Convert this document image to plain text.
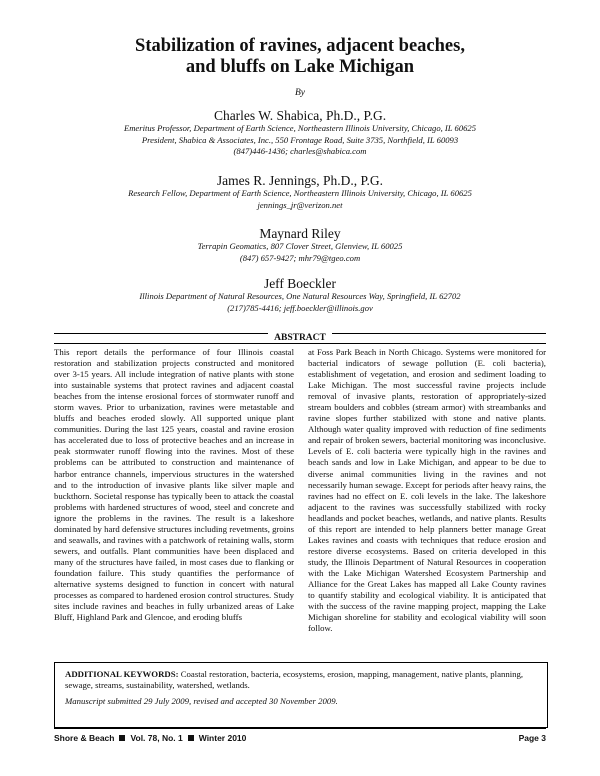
Stabilization of ravines, adjacent beaches,
and bluffs on Lake Michigan
By
Charles W. Shabica, Ph.D., P.G.
Emeritus Professor, Department of Earth Science, Northeastern Illinois University, Chicago, IL 60625
President, Shabica & Associates, Inc., 550 Frontage Road, Suite 3735, Northfield, IL 60093
(847)446-1436; charles@shabica.com
James R. Jennings, Ph.D., P.G.
Research Fellow, Department of Earth Science, Northeastern Illinois University, Chicago, IL 60625
jennings_jr@verizon.net
Maynard Riley
Terrapin Geomatics, 807 Clover Street, Glenview, IL 60025
(847) 657-9427; mhr79@tgeo.com
Jeff Boeckler
Illinois Department of Natural Resources, One Natural Resources Way, Springfield, IL 62702
(217)785-4416; jeff.boeckler@illinois.gov
ABSTRACT

This report details the performance of four Illinois coastal restoration and stabilization projects constructed and monitored over 3-15 years. All include integration of native plants with stone into sustainable systems that protect ravines and adjacent coastal beaches from the intense erosional forces of stormwater runoff and storm waves. Prior to urbanization, ravines were metastable and bluffs and beaches eroded slowly. All supported unique plant communities. During the last 125 years, coastal and ravine erosion has accelerated due to loss of protective beaches and an increase in peak stormwater runoff flowing into the ravines. Most of these problems can be attributed to construction and maintenance of harbor entrance channels, impervious structures in the watershed and to the introduction of invasive plants like silver maple and buckthorn. Societal response has typically been to attack the coastal problems with hardened structures of wood, steel and concrete and ignore the problems in the ravines. The result is a lakeshore dominated by hard defensive structures including revetments, groins and seawalls, and ravines with a patchwork of retaining walls, storm sewers, and outfalls. Plant communities have been displaced and many of the structures have failed, in most cases due to flanking or foundation failure. This study quantifies the performance of alternative systems designed to function in concert with natural processes as compared to hardened erosion control structures. Study sites include ravines and beaches in fully urbanized areas of Lake Bluff, Highland Park and Glencoe, and eroding bluffs

at Foss Park Beach in North Chicago. Systems were monitored for bacterial indicators of sewage pollution (E. coli bacteria), establishment of vegetation, and erosion and sediment loading to Lake Michigan. The most successful ravine projects include removal of invasive plants, restoration of appropriately-sized stream boulders and cobbles (stream armor) with streambanks and ravine slopes further stabilized with stone and native plants. Although water quality improved with reduction of fine sediments and repair of broken sewers, bacterial monitoring was inconclusive. Levels of E. coli bacteria were typically high in the ravines and beach sands and low in Lake Michigan, and appear to be due to diverse animal communities living in the ravines and not necessarily human sewage. Except for periods after heavy rains, the ravines had no effect on E. coli levels in the lake. The lakeshore adjacent to the ravines was successfully stabilized with rocky headlands and pocket beaches, wetlands, and native plants. Results of this report are intended to help planners better manage Great Lakes ravines and coasts with techniques that reduce erosion and restore diverse ecosystems. Based on criteria developed in this study, the Illinois Department of Natural Resources in cooperation with the Lake Michigan Watershed Ecosystem Partnership and Alliance for the Great Lakes has mapped all Lake County ravines to quantify stability and ecological viability. It is anticipated that with the success of the ravine mapping project, mapping the Lake Michigan shoreline for stability and ecological viability will soon follow.

ADDITIONAL KEYWORDS: Coastal restoration, bacteria, ecosystems, erosion, mapping, management, native plants, planning, sewage, streams, sustainability, watershed, wetlands.
Manuscript submitted 29 July 2009, revised and accepted 30 November 2009.
Shore & Beach Vol. 78, No. 1 Winter 2010	Page 3
